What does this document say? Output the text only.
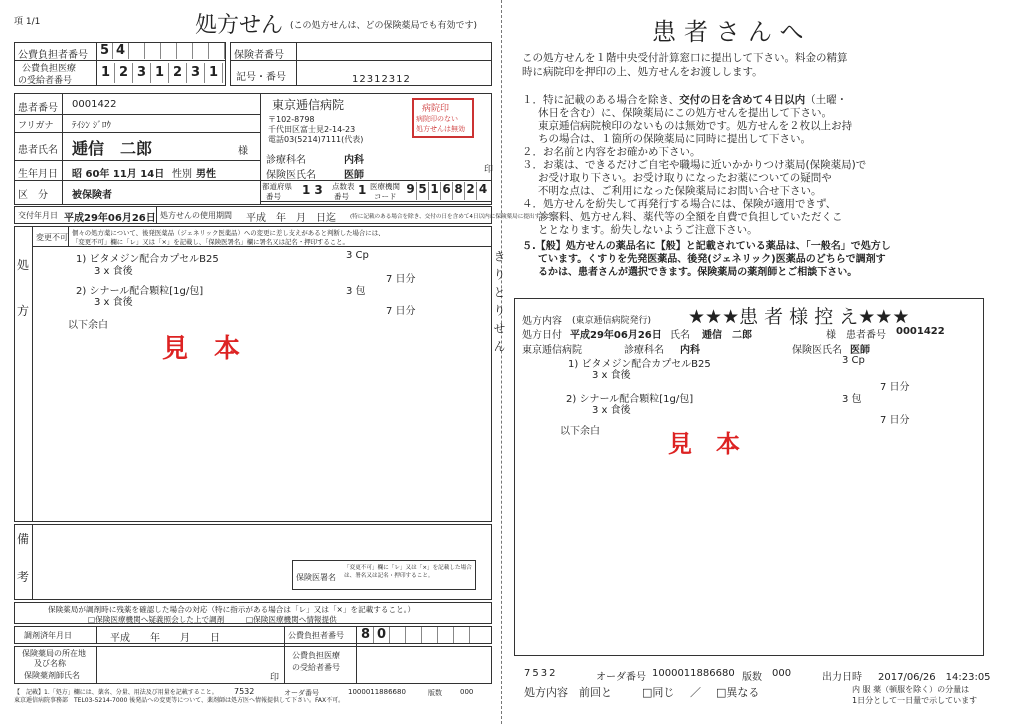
項 1/1	処方せん (この処方せんは、どの保険薬局でも有効です)
公費負担者番号 5 4
公費負担医療
の受給者番号
1 2 3 1 2 3 1
保険者番号
記号・番号	12312312
患者番号 0001422
フリガナ ﾃｲｼﾝ ｼﾞﾛｳ
患者氏名 逓信　二郎	様
生年月日 昭 60年 11月 14日 性別 男性
区　分 被保険者
東京逓信病院
〒102-8798
千代田区富士見2-14-23
電話03(5214)7111(代表)
病院印
病院印のない
処方せんは無効
診療科名	内科
保険医氏名	医師	印
都道府県
番号 13 点数表
番号 1 医療機関
コード
9 5 1 6 8 2 4
交付年月日 平成29年06月26日 処方せんの使用期間 平成　年　月　日迄	(特に記載のある場合を除き、交付の日を含めて4日以内に保険薬局に提出すること。)
変更不可 個々の処方薬について、後発医薬品（ジェネリック医薬品）への変更に差し支えがあると判断した場合には、
「変更不可」欄に「レ」又は「×」を記載し、「保険医署名」欄に署名又は記名・押印すること。
処
方
1) ビタメジン配合カプセルB25	3 Cp
3 x 食後
7 日分
2) シナール配合顆粒[1g/包]	3 包
3 x 食後
7 日分
以下余白
見　本
備
考	保険医署名
「変更不可」欄に「レ」又は「×」を記載した場合は、署名又は記名・押印すること。
保険薬局が調剤時に残薬を確認した場合の対応（特に指示がある場合は「レ」又は「×」を記載すること。）
□保険医療機関へ疑義照会した上で調剤	□保険医療機関へ情報提供
調剤済年月日	平成　　年　　月　　日	公費負担者番号 8 0
保険薬局の所在地
及び名称
保険薬剤師氏名	印
公費負担医療
の受給者番号
【　記載】1.「処方」欄には、薬名、分量、用法及び用量を記載すること。
東京逓信病院事務部　TEL03-5214-7000 後発品への変更等について、薬剤師は処方医へ情報提供して下さい。FAX不可。
7532	オーダ番号	1000011886680	版数	000
きりとりせん
患者さんへ

この処方せんを１階中央受付計算窓口に提出して下さい。料金の精算

時に病院印を押印の上、処方せんをお渡しします。

１．特に記載のある場合を除き、交付の日を含めて４日以内（土曜・

休日を含む）に、保険薬局にこの処方せんを提出して下さい。

東京逓信病院検印のないものは無効です。処方せんを２枚以上お持

ちの場合は、１箇所の保険薬局に同時に提出して下さい。

２．お名前と内容をお確かめ下さい。

３．お薬は、できるだけご自宅や職場に近いかかりつけ薬局(保険薬局)で

お受け取り下さい。お受け取りになったお薬についての疑問や

不明な点は、ご利用になった保険薬局にお問い合せ下さい。

４．処方せんを紛失して再発行する場合には、保険が適用できず、

診察料、処方せん料、薬代等の全額を自費で負担していただくこ

ととなります。紛失しないようご注意下さい。

５.【般】処方せんの薬品名に【般】と記載されている薬品は、「一般名」で処方し

ています。くすりを先発医薬品、後発(ジェネリック)医薬品のどちらで調剤す

るかは、患者さんが選択できます。保険薬局の薬剤師とご相談下さい。

処方内容 (東京逓信病院発行) ★★★患 者 様 控 え★★★
処方日付 平成29年06月26日 氏名 逓信　二郎	様 患者番号 0001422
東京逓信病院	診療科名 内科	保険医氏名 医師
1) ビタメジン配合カプセルB25	3 Cp
3 x 食後
7 日分
2) シナール配合顆粒[1g/包]	3 包
3 x 食後
7 日分
以下余白	見　本
7532	オーダ番号 1000011886680 版数 000	出力日時 2017/06/26　14:23:05
処方内容　前回と	□同じ ／ □異なる	内 服 薬（頓服を除く）の分量は
1日分として一日量で示しています
